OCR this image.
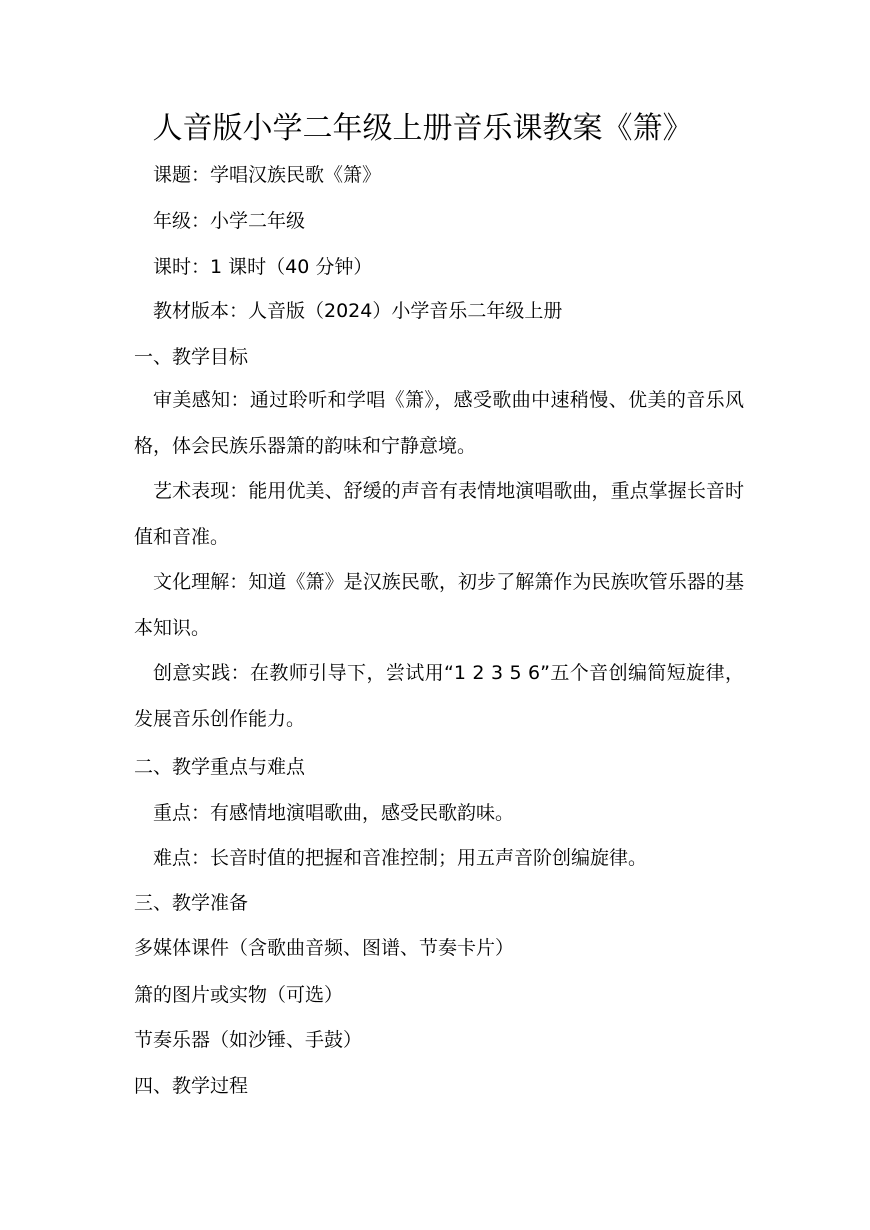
人音版小学二年级上册音乐课教案《箫》
课题：学唱汉族民歌《箫》
年级：小学二年级
课时：1 课时（40 分钟）
教材版本：人音版（2024）小学音乐二年级上册
一、教学目标
审美感知：通过聆听和学唱《箫》，感受歌曲中速稍慢、优美的音乐风格，体会民族乐器箫的韵味和宁静意境。
艺术表现：能用优美、舒缓的声音有表情地演唱歌曲，重点掌握长音时值和音准。
文化理解：知道《箫》是汉族民歌，初步了解箫作为民族吹管乐器的基本知识。
创意实践：在教师引导下，尝试用“1 2 3 5 6”五个音创编简短旋律，发展音乐创作能力。
二、教学重点与难点
重点：有感情地演唱歌曲，感受民歌韵味。
难点：长音时值的把握和音准控制；用五声音阶创编旋律。
三、教学准备
多媒体课件（含歌曲音频、图谱、节奏卡片）
箫的图片或实物（可选）
节奏乐器（如沙锤、手鼓）
四、教学过程
